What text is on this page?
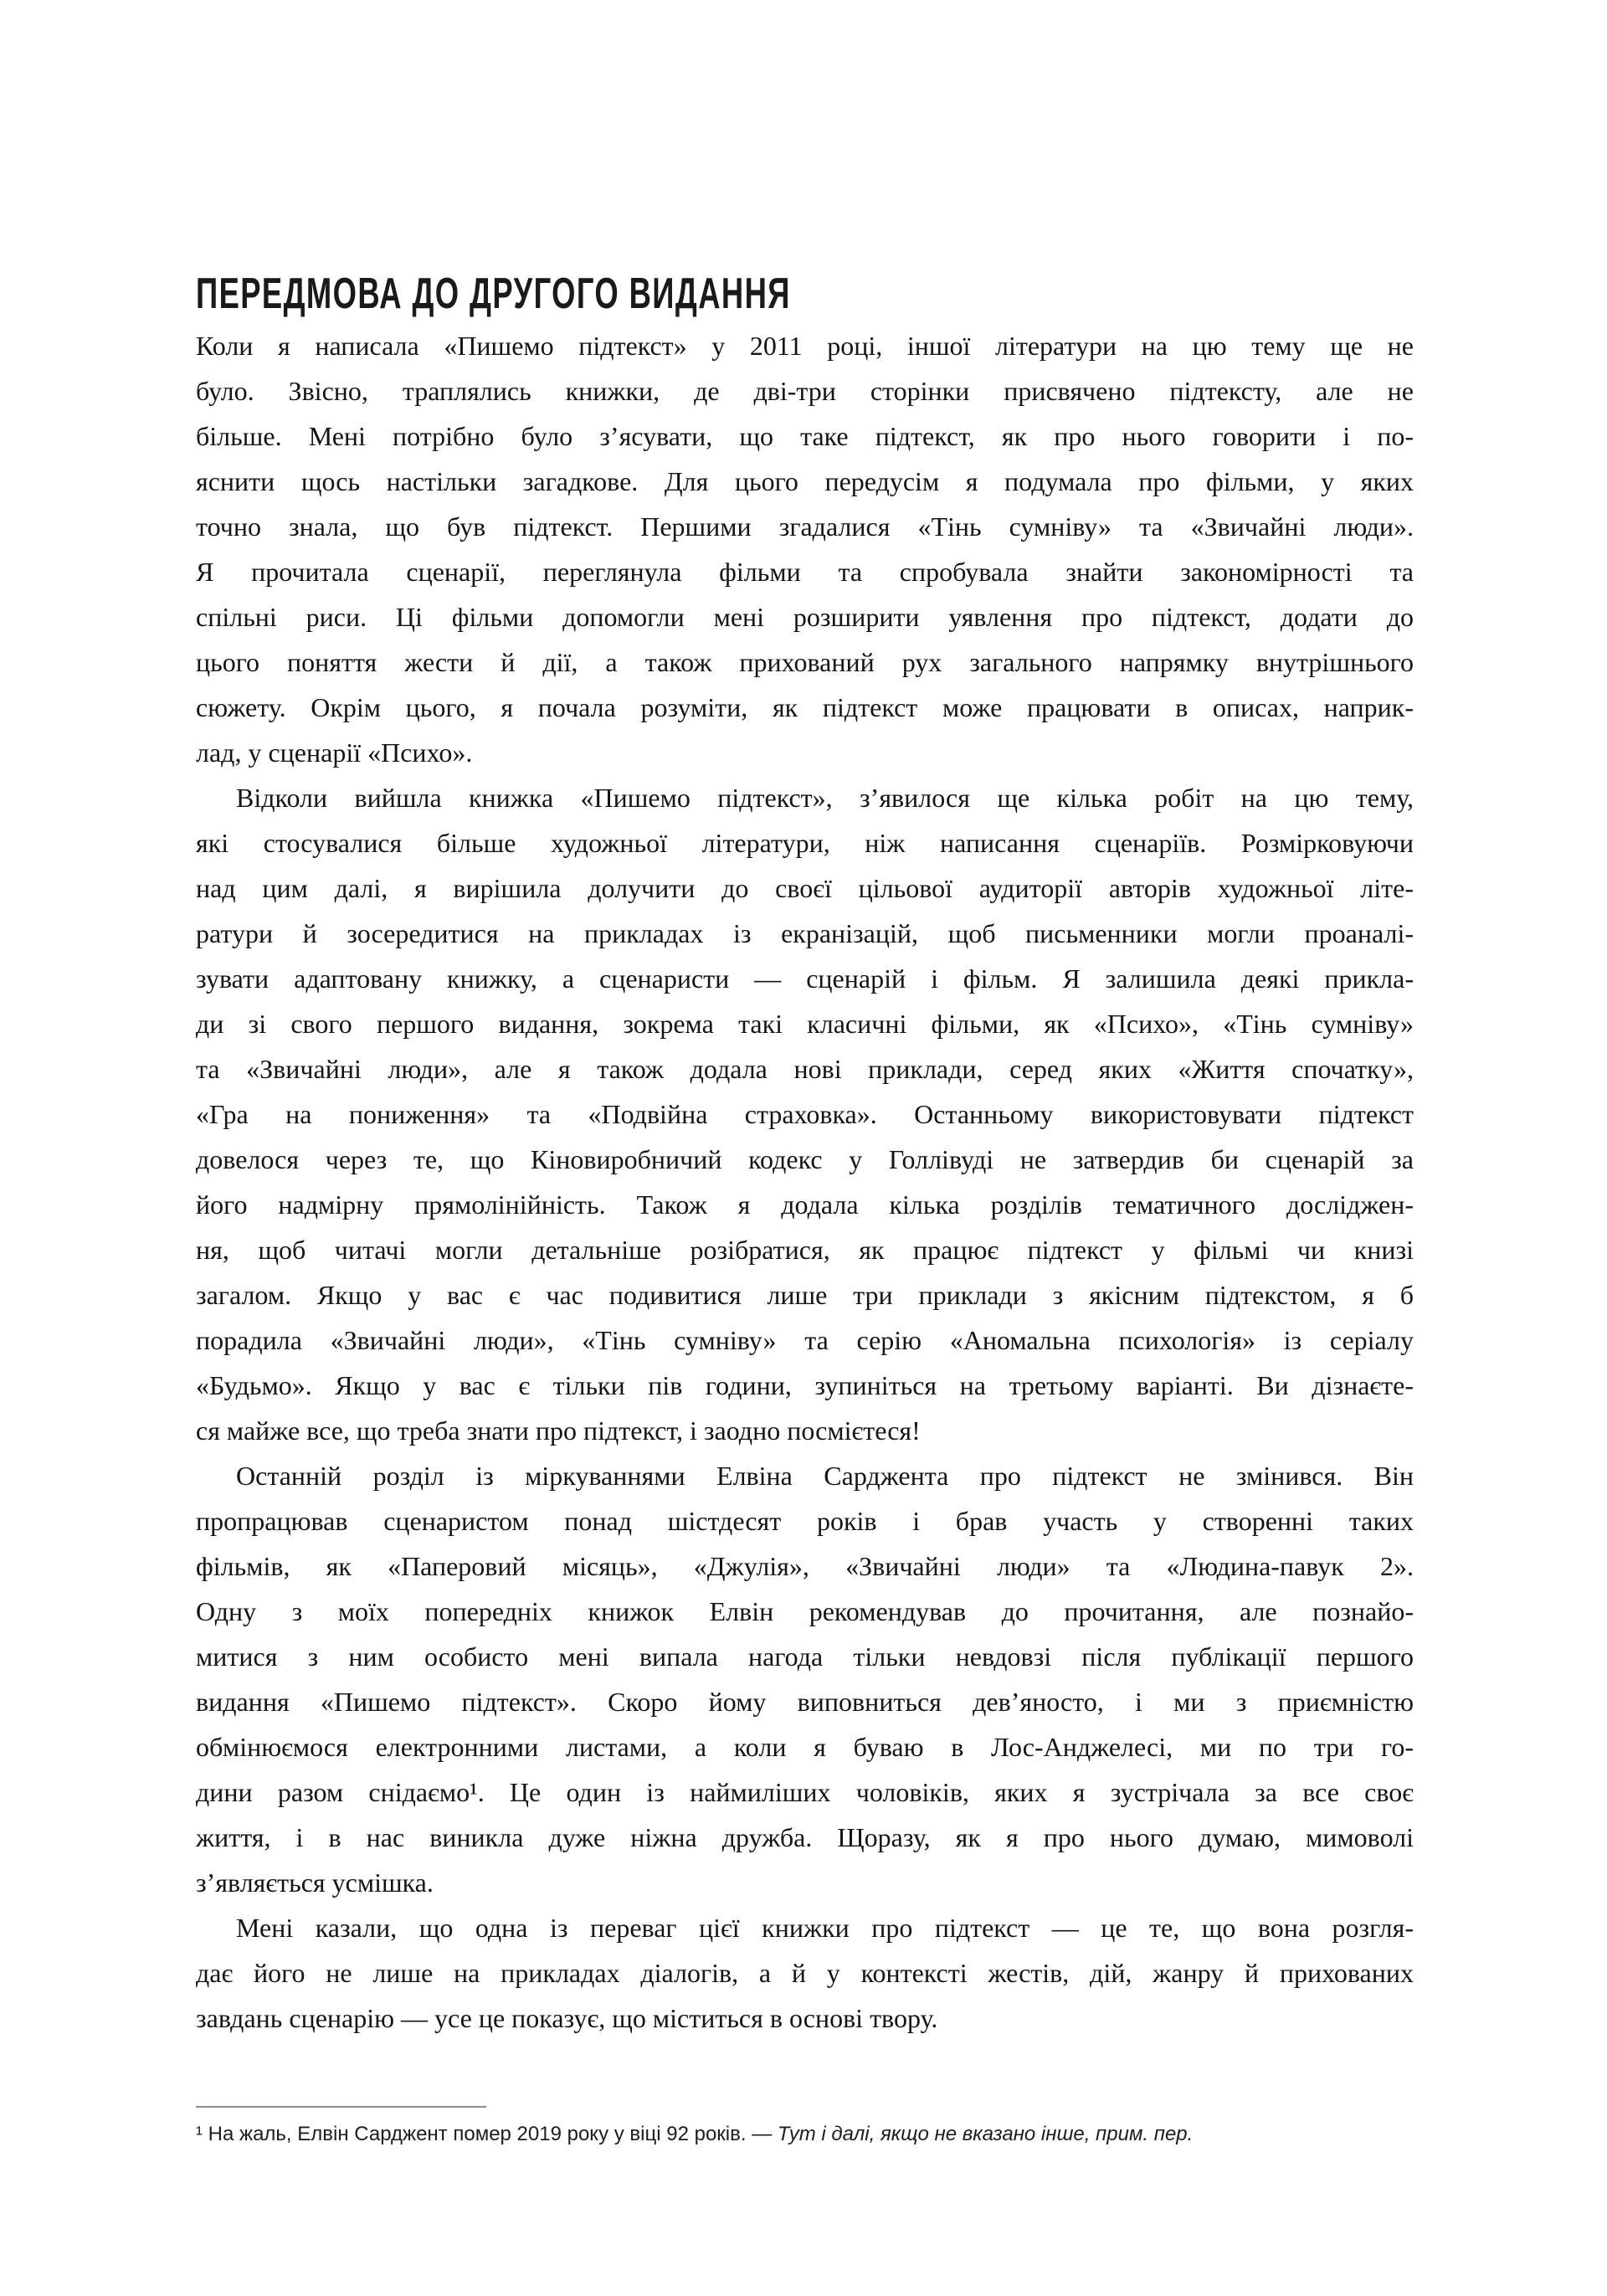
ПЕРЕДМОВА ДО ДРУГОГО ВИДАННЯ
Коли я написала «Пишемо підтекст» у 2011 році, іншої літератури на цю тему ще не
було. Звісно, траплялись книжки, де дві-три сторінки присвячено підтексту, але не
більше. Мені потрібно було з’ясувати, що таке підтекст, як про нього говорити і по-
яснити щось настільки загадкове. Для цього передусім я подумала про фільми, у яких
точно знала, що був підтекст. Першими згадалися «Тінь сумніву» та «Звичайні люди».
Я прочитала сценарії, переглянула фільми та спробувала знайти закономірності та
спільні риси. Ці фільми допомогли мені розширити уявлення про підтекст, додати до
цього поняття жести й дії, а також прихований рух загального напрямку внутрішнього
сюжету. Окрім цього, я почала розуміти, як підтекст може працювати в описах, наприк-
лад, у сценарії «Психо».
Відколи вийшла книжка «Пишемо підтекст», з’явилося ще кілька робіт на цю тему,
які стосувалися більше художньої літератури, ніж написання сценаріїв. Розмірковуючи
над цим далі, я вирішила долучити до своєї цільової аудиторії авторів художньої літе-
ратури й зосередитися на прикладах із екранізацій, щоб письменники могли проаналі-
зувати адаптовану книжку, а сценаристи — сценарій і фільм. Я залишила деякі прикла-
ди зі свого першого видання, зокрема такі класичні фільми, як «Психо», «Тінь сумніву»
та «Звичайні люди», але я також додала нові приклади, серед яких «Життя спочатку»,
«Гра на пониження» та «Подвійна страховка». Останньому використовувати підтекст
довелося через те, що Кіновиробничий кодекс у Голлівуді не затвердив би сценарій за
його надмірну прямолінійність. Також я додала кілька розділів тематичного досліджен-
ня, щоб читачі могли детальніше розібратися, як працює підтекст у фільмі чи книзі
загалом. Якщо у вас є час подивитися лише три приклади з якісним підтекстом, я б
порадила «Звичайні люди», «Тінь сумніву» та серію «Аномальна психологія» із серіалу
«Будьмо». Якщо у вас є тільки пів години, зупиніться на третьому варіанті. Ви дізнаєте-
ся майже все, що треба знати про підтекст, і заодно посмієтеся!
Останній розділ із міркуваннями Елвіна Сарджента про підтекст не змінився. Він
пропрацював сценаристом понад шістдесят років і брав участь у створенні таких
фільмів, як «Паперовий місяць», «Джулія», «Звичайні люди» та «Людина-павук 2».
Одну з моїх попередніх книжок Елвін рекомендував до прочитання, але познайо-
митися з ним особисто мені випала нагода тільки невдовзі після публікації першого
видання «Пишемо підтекст». Скоро йому виповниться дев’яносто, і ми з приємністю
обмінюємося електронними листами, а коли я буваю в Лос-Анджелесі, ми по три го-
дини разом снідаємо¹. Це один із наймиліших чоловіків, яких я зустрічала за все своє
життя, і в нас виникла дуже ніжна дружба. Щоразу, як я про нього думаю, мимоволі
з’являється усмішка.
Мені казали, що одна із переваг цієї книжки про підтекст — це те, що вона розгля-
дає його не лише на прикладах діалогів, а й у контексті жестів, дій, жанру й прихованих
завдань сценарію — усе це показує, що міститься в основі твору.
¹ На жаль, Елвін Сарджент помер 2019 року у віці 92 років. — Тут і далі, якщо не вказано інше, прим. пер.
